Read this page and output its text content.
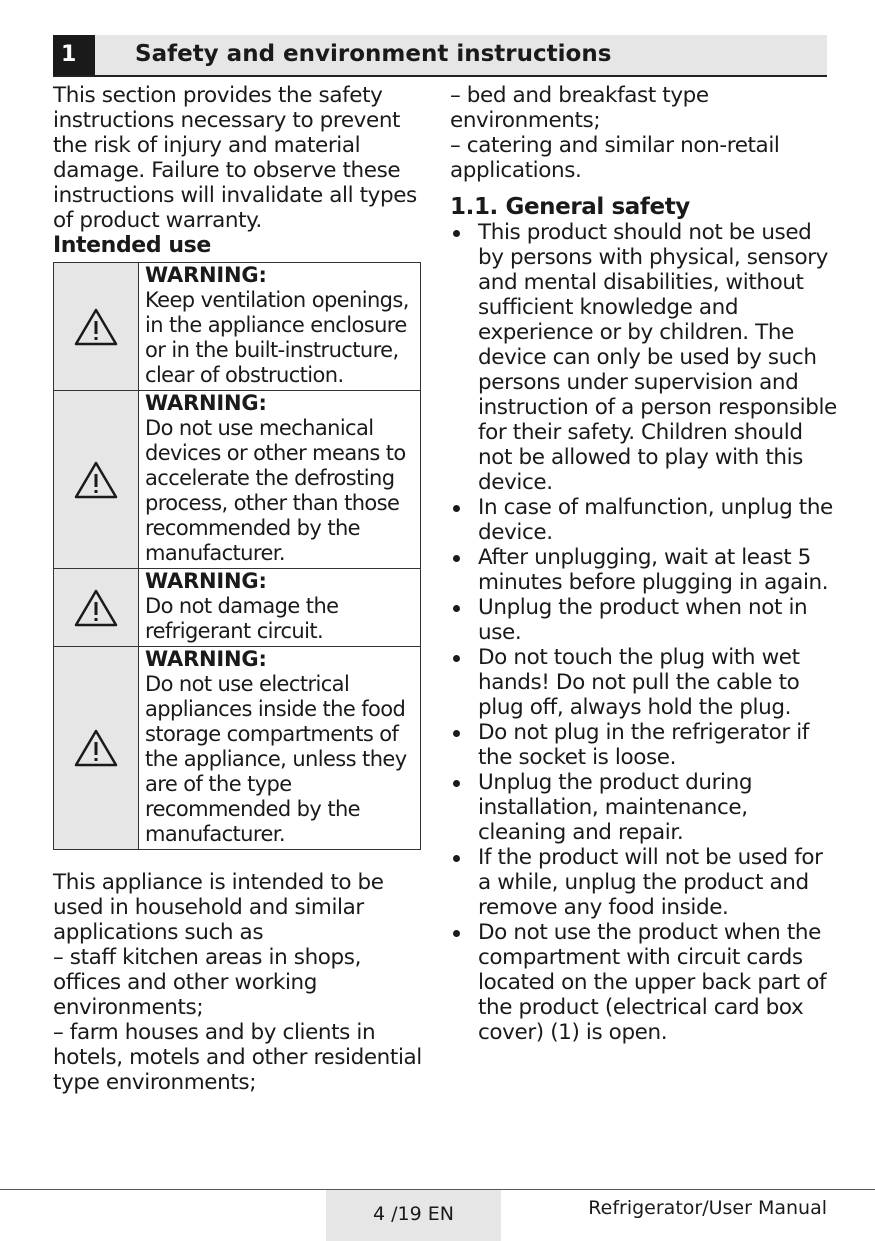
1	Safety and environment instructions

This section provides the safety instructions necessary to prevent the risk of injury and material damage. Failure to observe these instructions will invalidate all types of product warranty.

Intended use

WARNING:
Keep ventilation openings, in the appliance enclosure or in the built-instructure, clear of obstruction.

WARNING:
Do not use mechanical devices or other means to accelerate the defrosting process, other than those recommended by the manufacturer.

WARNING:
Do not damage the refrigerant circuit.

WARNING:
Do not use electrical appliances inside the food storage compartments of the appliance, unless they are of the type recommended by the manufacturer.

This appliance is intended to be used in household and similar applications such as

– staff kitchen areas in shops, offices and other working environments;

– farm houses and by clients in hotels, motels and other residential type environments;

– bed and breakfast type environments;

– catering and similar non-retail applications.

1.1. General safety

This product should not be used by persons with physical, sensory and mental disabilities, without sufficient knowledge and experience or by children. The device can only be used by such persons under supervision and instruction of a person responsible for their safety. Children should not be allowed to play with this device.
In case of malfunction, unplug the device.
After unplugging, wait at least 5 minutes before plugging in again.
Unplug the product when not in use.
Do not touch the plug with wet hands! Do not pull the cable to plug off, always hold the plug.
Do not plug in the refrigerator if the socket is loose.
Unplug the product during installation, maintenance, cleaning and repair.
If the product will not be used for a while, unplug the product and remove any food inside.
Do not use the product when the compartment with circuit cards located on the upper back part of the product (electrical card box cover) (1) is open.
4 /19 EN	Refrigerator/User Manual
